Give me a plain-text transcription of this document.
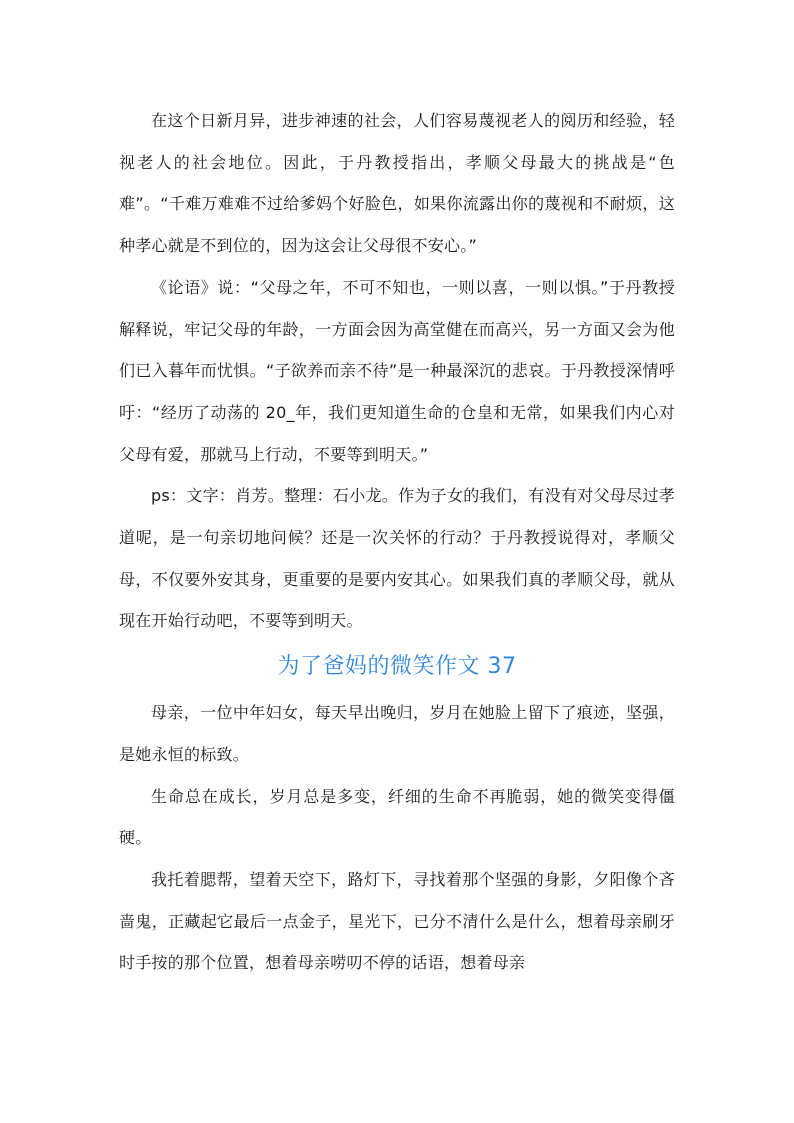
在这个日新月异，进步神速的社会，人们容易蔑视老人的阅历和经验，轻视老人的社会地位。因此，于丹教授指出，孝顺父母最大的挑战是“色难”。“千难万难难不过给爹妈个好脸色，如果你流露出你的蔑视和不耐烦，这种孝心就是不到位的，因为这会让父母很不安心。”

《论语》说：“父母之年，不可不知也，一则以喜，一则以惧。”于丹教授解释说，牢记父母的年龄，一方面会因为高堂健在而高兴，另一方面又会为他们已入暮年而忧惧。“子欲养而亲不待”是一种最深沉的悲哀。于丹教授深情呼吁：“经历了动荡的 20_年，我们更知道生命的仓皇和无常，如果我们内心对父母有爱，那就马上行动，不要等到明天。”

ps：文字：肖芳。整理：石小龙。作为子女的我们，有没有对父母尽过孝道呢，是一句亲切地问候？还是一次关怀的行动？于丹教授说得对，孝顺父母，不仅要外安其身，更重要的是要内安其心。如果我们真的孝顺父母，就从现在开始行动吧，不要等到明天。

为了爸妈的微笑作文 37

母亲，一位中年妇女，每天早出晚归，岁月在她脸上留下了痕迹，坚强，是她永恒的标致。

生命总在成长，岁月总是多变，纤细的生命不再脆弱，她的微笑变得僵硬。

我托着腮帮，望着天空下，路灯下，寻找着那个坚强的身影，夕阳像个吝啬鬼，正藏起它最后一点金子，星光下，已分不清什么是什么，想着母亲刷牙时手按的那个位置，想着母亲唠叨不停的话语，想着母亲
